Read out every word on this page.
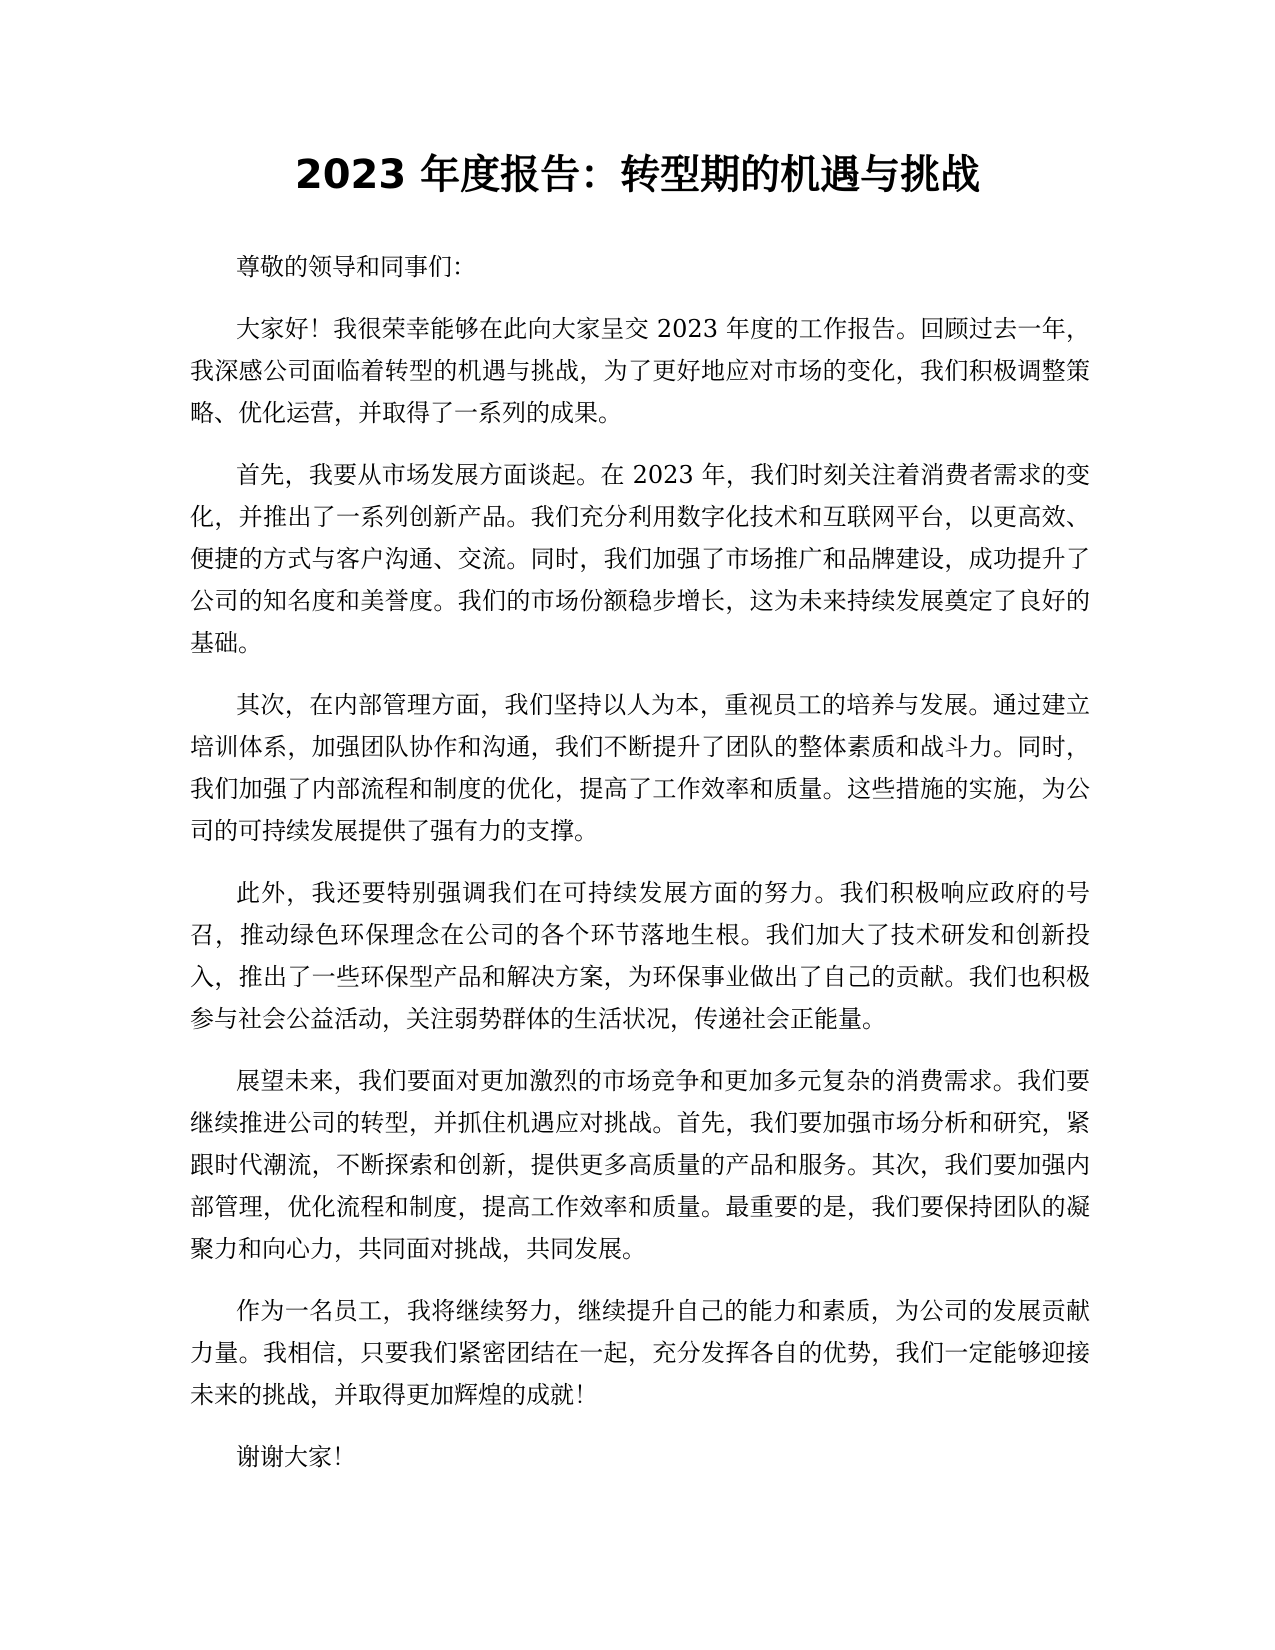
2023 年度报告：转型期的机遇与挑战

尊敬的领导和同事们：

大家好！我很荣幸能够在此向大家呈交 2023 年度的工作报告。回顾过去一年，我深感公司面临着转型的机遇与挑战，为了更好地应对市场的变化，我们积极调整策略、优化运营，并取得了一系列的成果。

首先，我要从市场发展方面谈起。在 2023 年，我们时刻关注着消费者需求的变化，并推出了一系列创新产品。我们充分利用数字化技术和互联网平台，以更高效、便捷的方式与客户沟通、交流。同时，我们加强了市场推广和品牌建设，成功提升了公司的知名度和美誉度。我们的市场份额稳步增长，这为未来持续发展奠定了良好的基础。

其次，在内部管理方面，我们坚持以人为本，重视员工的培养与发展。通过建立培训体系，加强团队协作和沟通，我们不断提升了团队的整体素质和战斗力。同时，我们加强了内部流程和制度的优化，提高了工作效率和质量。这些措施的实施，为公司的可持续发展提供了强有力的支撑。

此外，我还要特别强调我们在可持续发展方面的努力。我们积极响应政府的号召，推动绿色环保理念在公司的各个环节落地生根。我们加大了技术研发和创新投入，推出了一些环保型产品和解决方案，为环保事业做出了自己的贡献。我们也积极参与社会公益活动，关注弱势群体的生活状况，传递社会正能量。

展望未来，我们要面对更加激烈的市场竞争和更加多元复杂的消费需求。我们要继续推进公司的转型，并抓住机遇应对挑战。首先，我们要加强市场分析和研究，紧跟时代潮流，不断探索和创新，提供更多高质量的产品和服务。其次，我们要加强内部管理，优化流程和制度，提高工作效率和质量。最重要的是，我们要保持团队的凝聚力和向心力，共同面对挑战，共同发展。

作为一名员工，我将继续努力，继续提升自己的能力和素质，为公司的发展贡献力量。我相信，只要我们紧密团结在一起，充分发挥各自的优势，我们一定能够迎接未来的挑战，并取得更加辉煌的成就！

谢谢大家！
